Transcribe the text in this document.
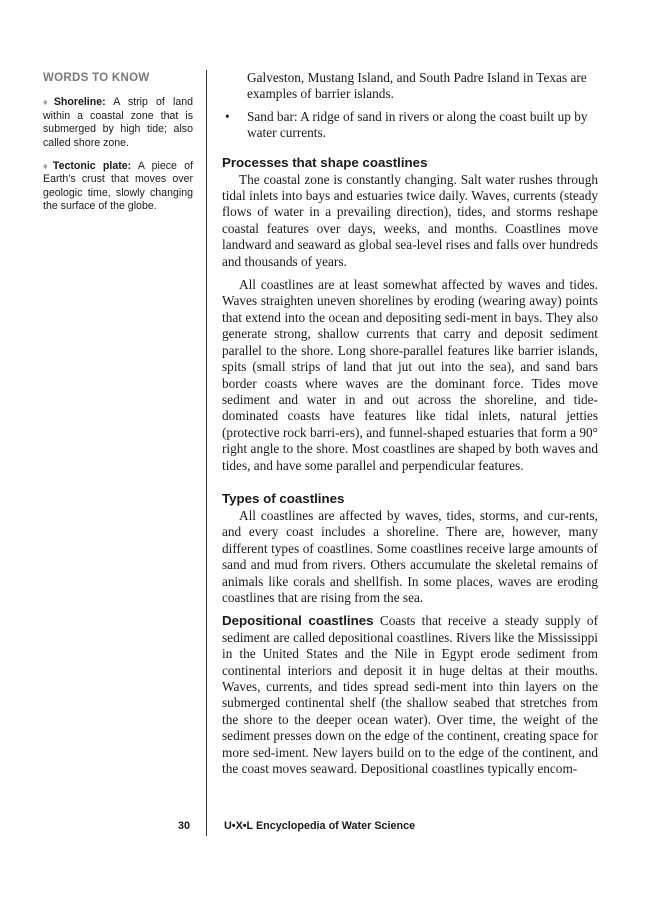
WORDS TO KNOW

♦Shoreline: A strip of land within a coastal zone that is submerged by high tide; also called shore zone.

♦Tectonic plate: A piece of Earth's crust that moves over geologic time, slowly changing the surface of the globe.

Galveston, Mustang Island, and South Padre Island in Texas are examples of barrier islands.
• Sand bar: A ridge of sand in rivers or along the coast built up by water currents.
Processes that shape coastlines

The coastal zone is constantly changing. Salt water rushes through tidal inlets into bays and estuaries twice daily. Waves, currents (steady flows of water in a prevailing direction), tides, and storms reshape coastal features over days, weeks, and months. Coastlines move landward and seaward as global sea-level rises and falls over hundreds and thousands of years.

All coastlines are at least somewhat affected by waves and tides. Waves straighten uneven shorelines by eroding (wearing away) points that extend into the ocean and depositing sedi-ment in bays. They also generate strong, shallow currents that carry and deposit sediment parallel to the shore. Long shore-parallel features like barrier islands, spits (small strips of land that jut out into the sea), and sand bars border coasts where waves are the dominant force. Tides move sediment and water in and out across the shoreline, and tide-dominated coasts have features like tidal inlets, natural jetties (protective rock barri-ers), and funnel-shaped estuaries that form a 90° right angle to the shore. Most coastlines are shaped by both waves and tides, and have some parallel and perpendicular features.

Types of coastlines

All coastlines are affected by waves, tides, storms, and cur-rents, and every coast includes a shoreline. There are, however, many different types of coastlines. Some coastlines receive large amounts of sand and mud from rivers. Others accumulate the skeletal remains of animals like corals and shellfish. In some places, waves are eroding coastlines that are rising from the sea.

Depositional coastlines Coasts that receive a steady supply of sediment are called depositional coastlines. Rivers like the Mississippi in the United States and the Nile in Egypt erode sediment from continental interiors and deposit it in huge deltas at their mouths. Waves, currents, and tides spread sedi-ment into thin layers on the submerged continental shelf (the shallow seabed that stretches from the shore to the deeper ocean water). Over time, the weight of the sediment presses down on the edge of the continent, creating space for more sed-iment. New layers build on to the edge of the continent, and the coast moves seaward. Depositional coastlines typically encom-

30	U•X•L Encyclopedia of Water Science
